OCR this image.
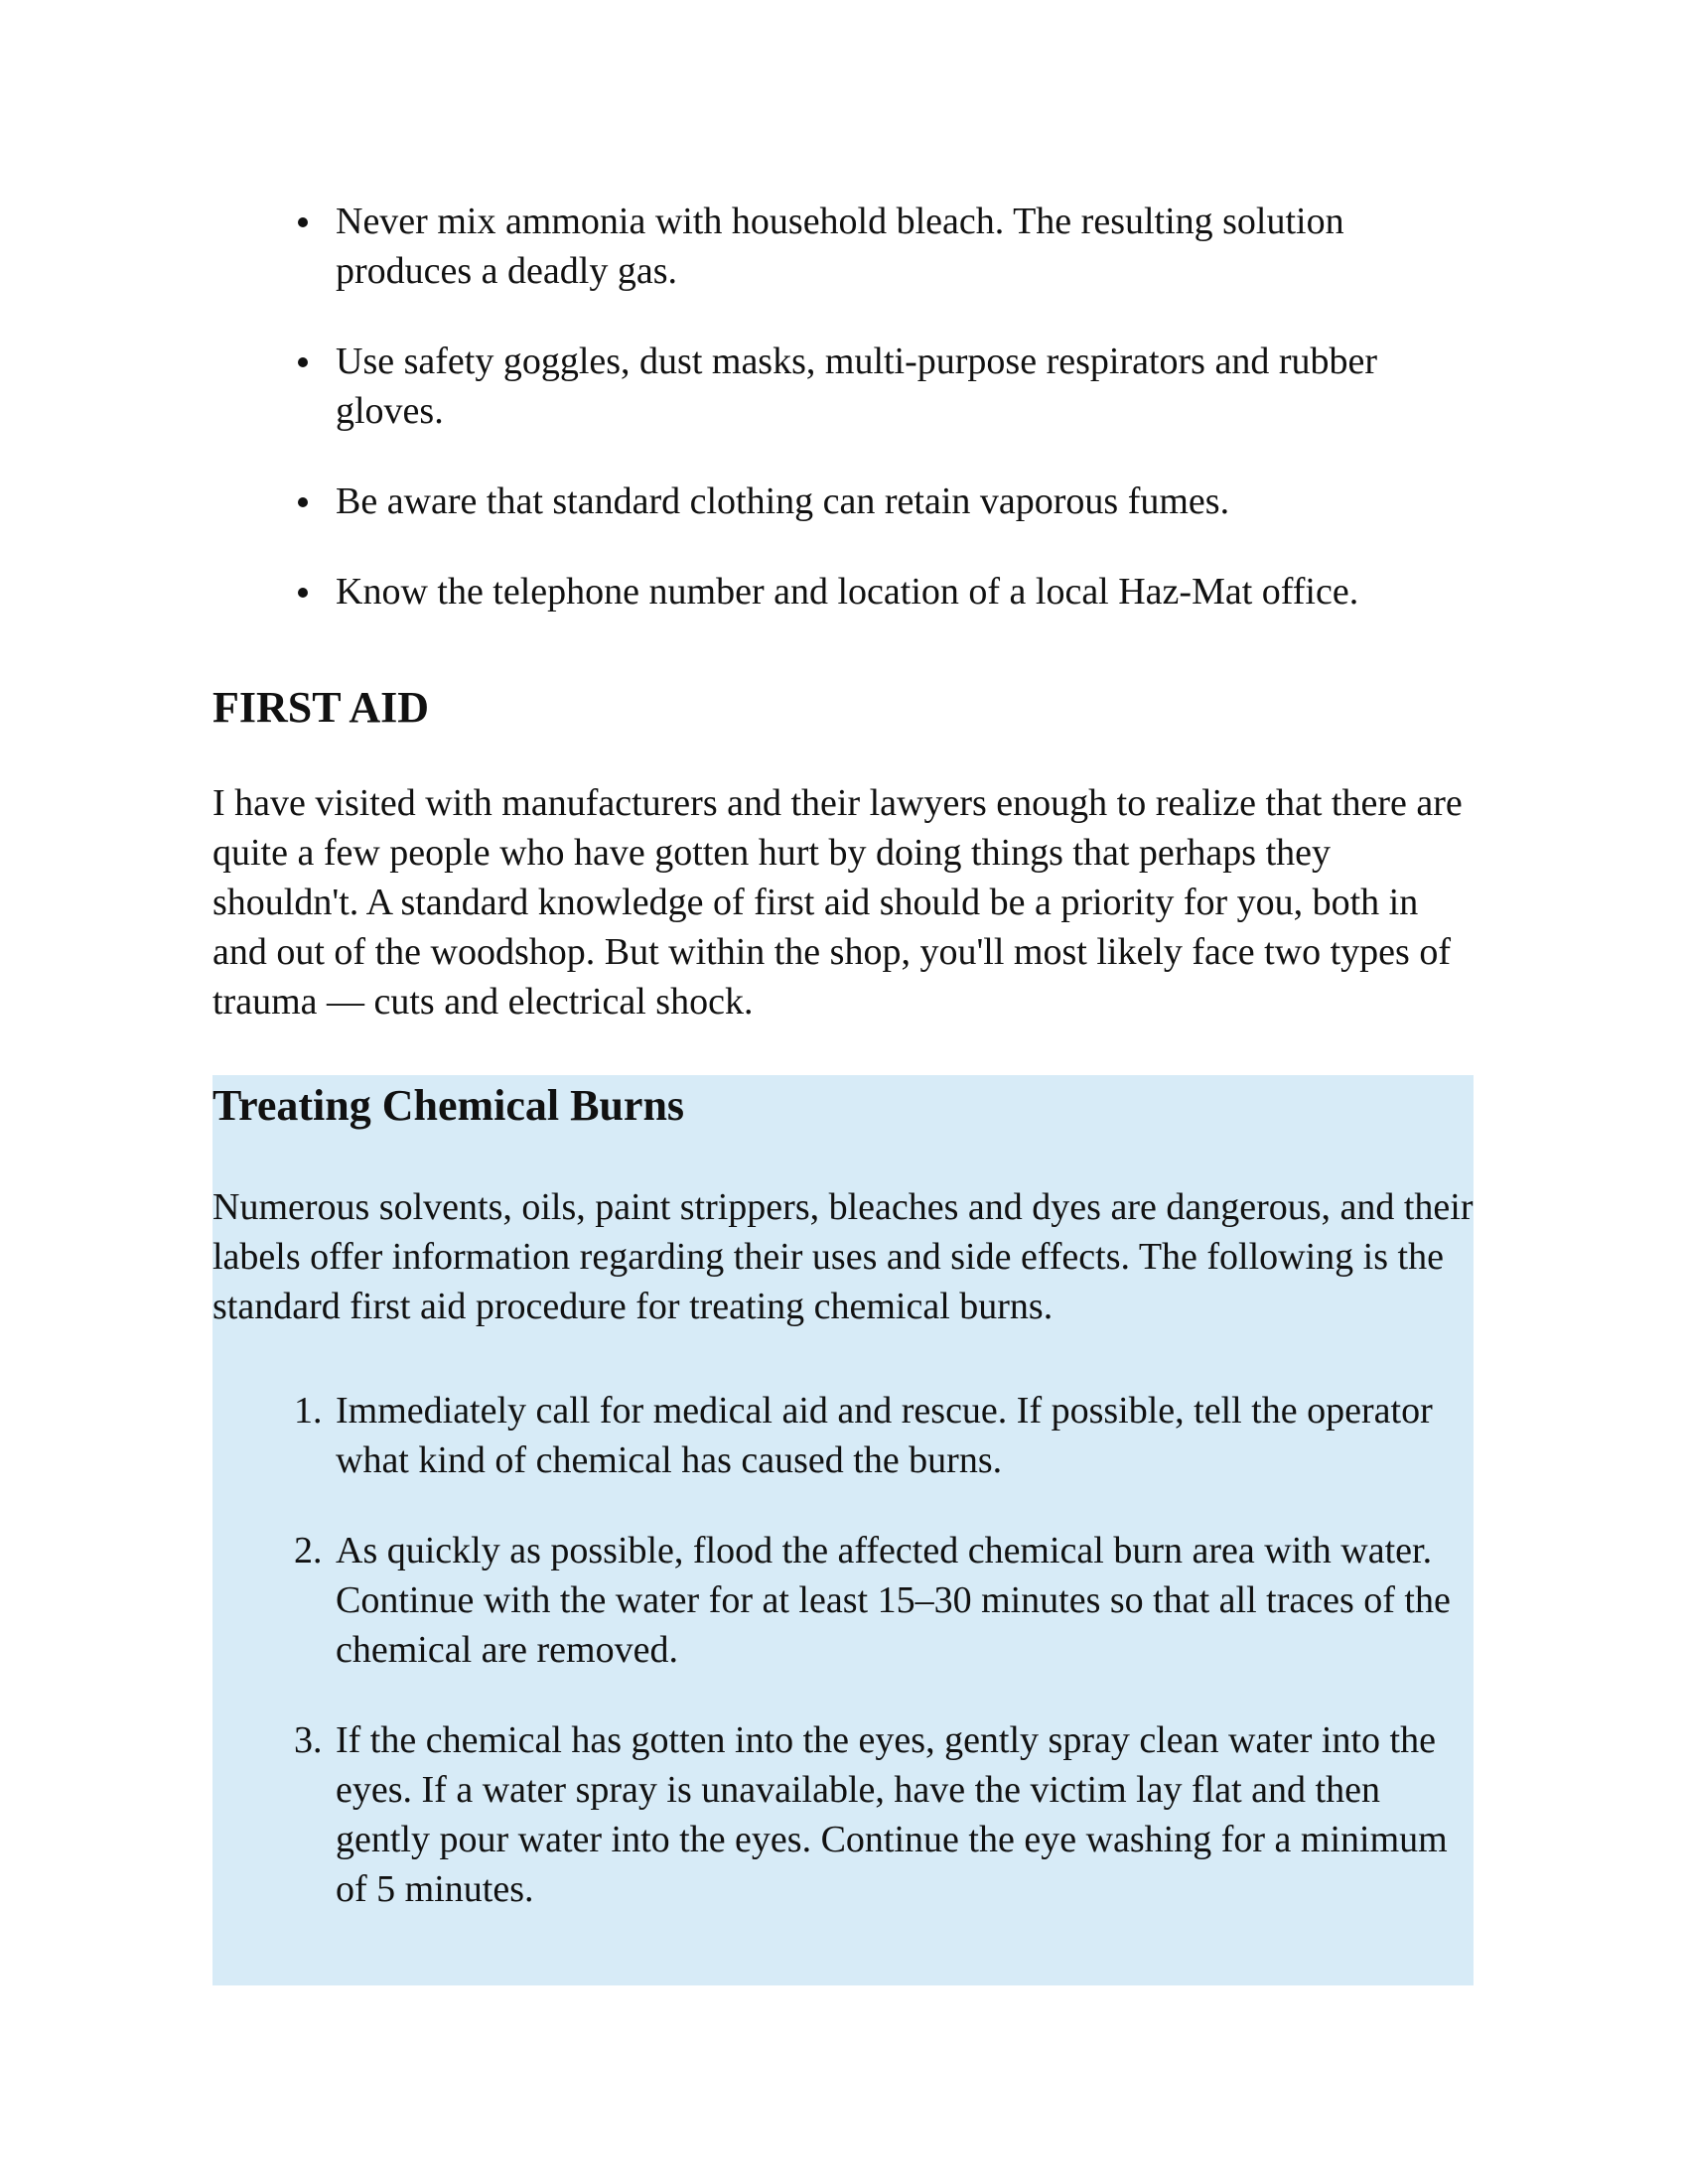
Never mix ammonia with household bleach. The resulting solution produces a deadly gas.
Use safety goggles, dust masks, multi-purpose respirators and rubber gloves.
Be aware that standard clothing can retain vaporous fumes.
Know the telephone number and location of a local Haz-Mat office.
FIRST AID

I have visited with manufacturers and their lawyers enough to realize that there are quite a few people who have gotten hurt by doing things that perhaps they shouldn't. A standard knowledge of first aid should be a priority for you, both in and out of the woodshop. But within the shop, you'll most likely face two types of trauma — cuts and electrical shock.

Treating Chemical Burns

Numerous solvents, oils, paint strippers, bleaches and dyes are dangerous, and their labels offer information regarding their uses and side effects. The following is the standard first aid procedure for treating chemical burns.

1. Immediately call for medical aid and rescue. If possible, tell the operator what kind of chemical has caused the burns.
2. As quickly as possible, flood the affected chemical burn area with water. Continue with the water for at least 15–30 minutes so that all traces of the chemical are removed.
3. If the chemical has gotten into the eyes, gently spray clean water into the eyes. If a water spray is unavailable, have the victim lay flat and then gently pour water into the eyes. Continue the eye washing for a minimum of 5 minutes.
